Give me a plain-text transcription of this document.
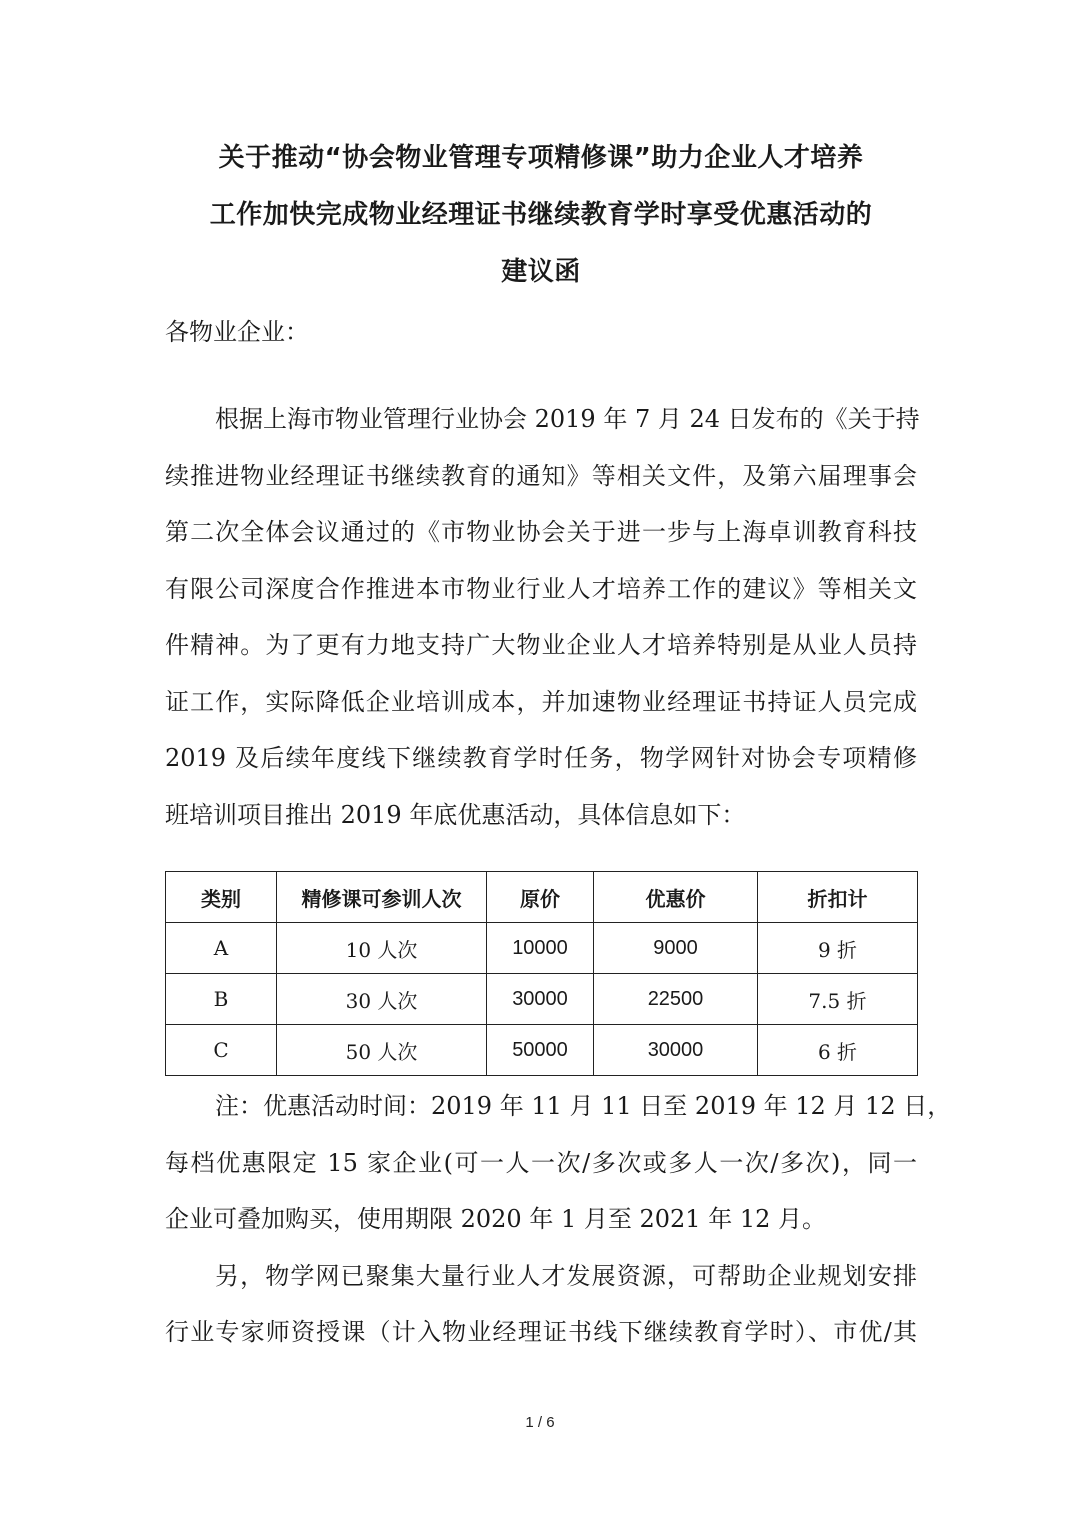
关于推动“协会物业管理专项精修课”助力企业人才培养
工作加快完成物业经理证书继续教育学时享受优惠活动的
建议函

各物业企业：

根据上海市物业管理行业协会 2019 年 7 月 24 日发布的《关于持
续推进物业经理证书继续教育的通知》等相关文件，及第六届理事会
第二次全体会议通过的《市物业协会关于进一步与上海卓训教育科技
有限公司深度合作推进本市物业行业人才培养工作的建议》等相关文
件精神。为了更有力地支持广大物业企业人才培养特别是从业人员持
证工作，实际降低企业培训成本，并加速物业经理证书持证人员完成
2019 及后续年度线下继续教育学时任务，物学网针对协会专项精修
班培训项目推出 2019 年底优惠活动，具体信息如下：

类别	精修课可参训人次	原价	优惠价	折扣计
A	10 人次	10000	9000	9 折
B	30 人次	30000	22500	7.5 折
C	50 人次	50000	30000	6 折

注：优惠活动时间：2019 年 11 月 11 日至 2019 年 12 月 12 日，
每档优惠限定 15 家企业(可一人一次/多次或多人一次/多次)，同一
企业可叠加购买，使用期限 2020 年 1 月至 2021 年 12 月。

另，物学网已聚集大量行业人才发展资源，可帮助企业规划安排
行业专家师资授课（计入物业经理证书线下继续教育学时）、市优/其

1 / 6
